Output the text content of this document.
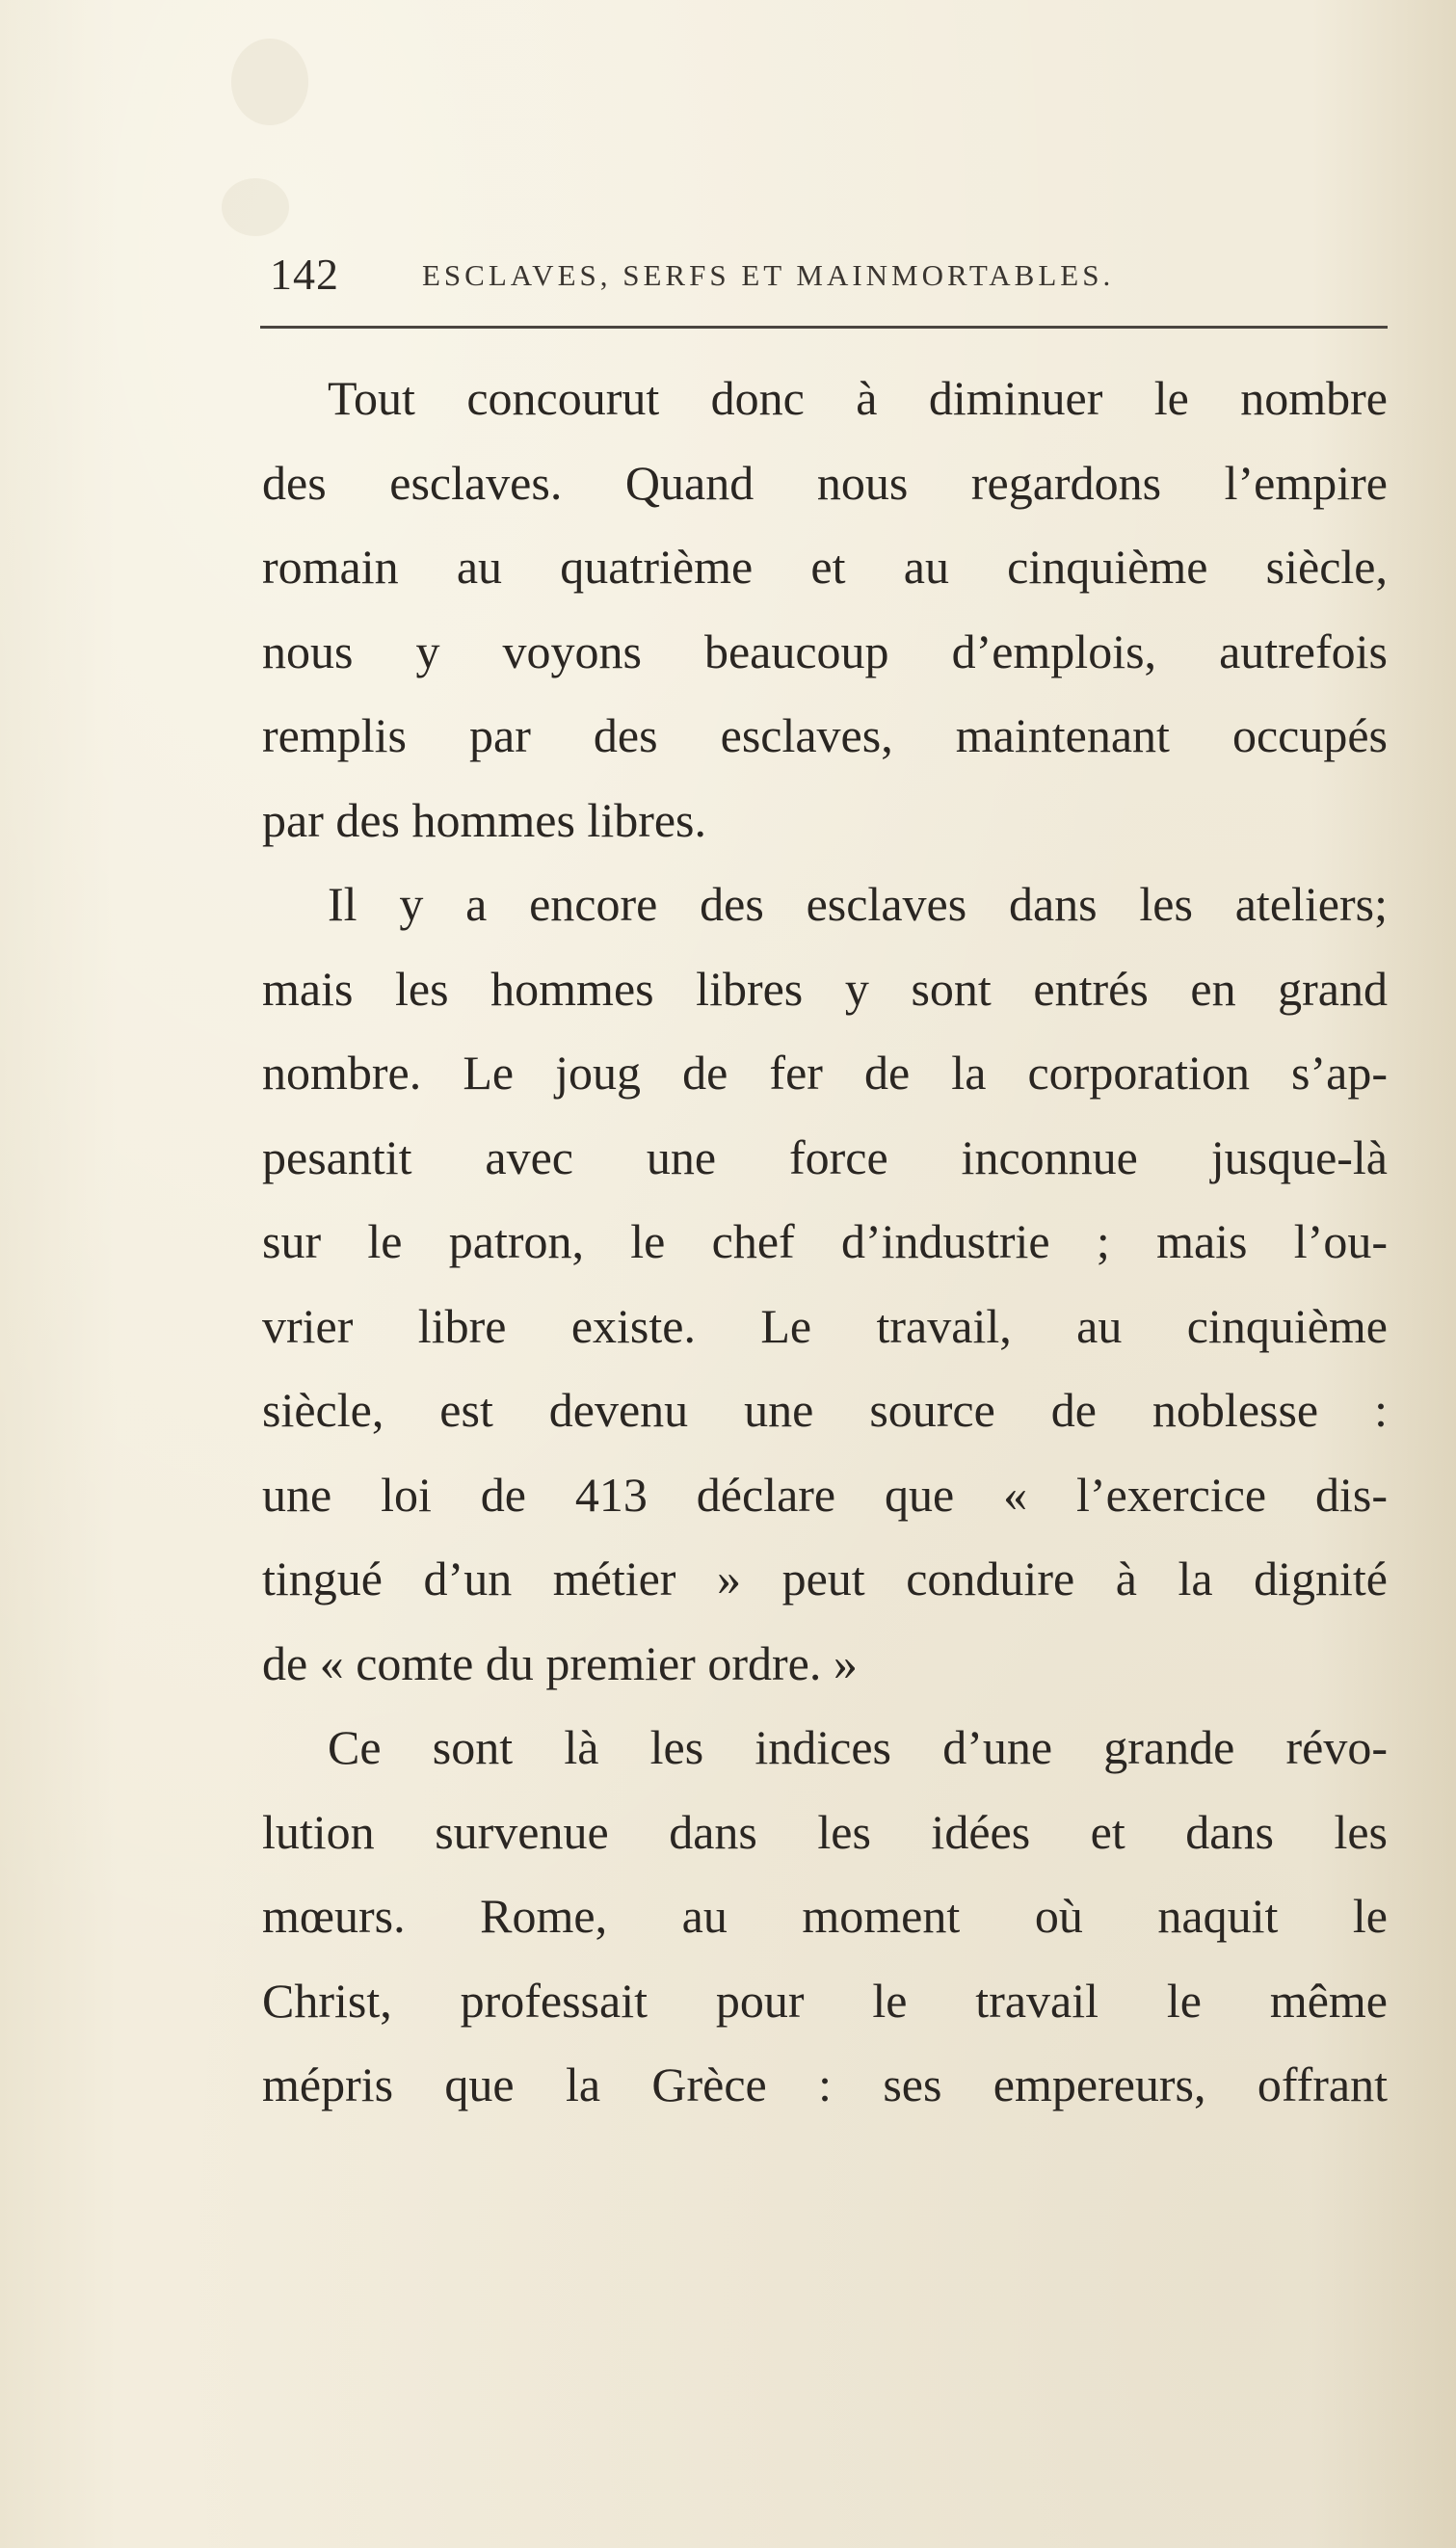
142	ESCLAVES, SERFS ET MAINMORTABLES.
Tout concourut donc à diminuer le nombre
des esclaves. Quand nous regardons l’empire
romain au quatrième et au cinquième siècle,
nous y voyons beaucoup d’emplois, autrefois
remplis par des esclaves, maintenant occupés
par des hommes libres.
Il y a encore des esclaves dans les ateliers;
mais les hommes libres y sont entrés en grand
nombre. Le joug de fer de la corporation s’ap-
pesantit avec une force inconnue jusque-là
sur le patron, le chef d’industrie ; mais l’ou-
vrier libre existe. Le travail, au cinquième
siècle, est devenu une source de noblesse :
une loi de 413 déclare que « l’exercice dis-
tingué d’un métier » peut conduire à la dignité
de « comte du premier ordre. »
Ce sont là les indices d’une grande révo-
lution survenue dans les idées et dans les
mœurs. Rome, au moment où naquit le
Christ, professait pour le travail le même
mépris que la Grèce : ses empereurs, offrant
